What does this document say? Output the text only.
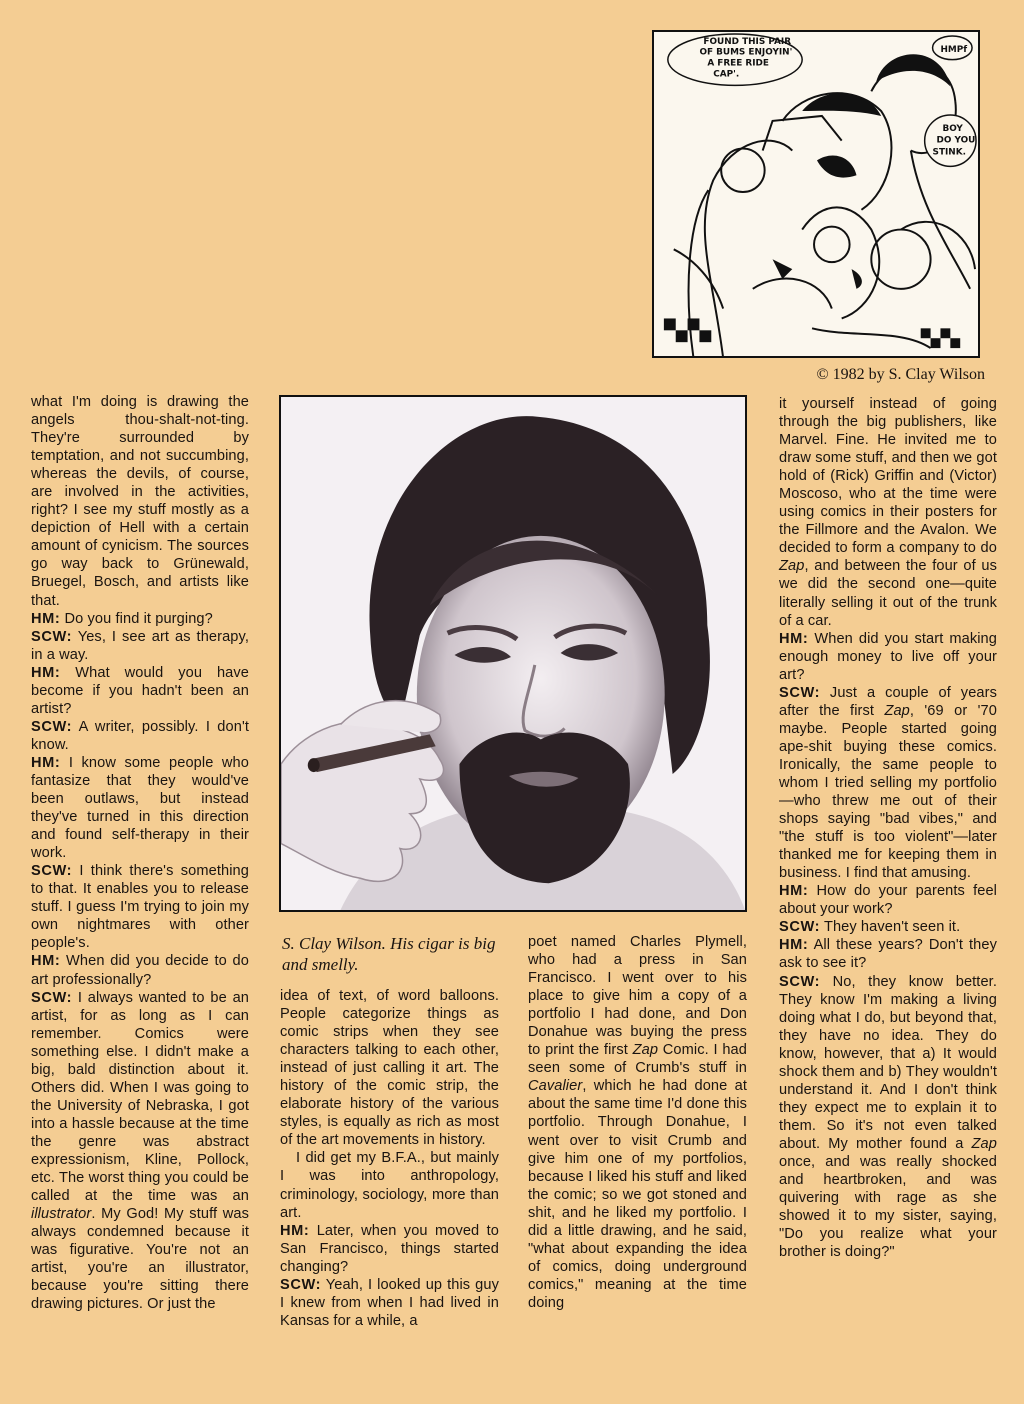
FOUND THIS PAIR
OF BUMS ENJOYIN'
A FREE RIDE
CAP'.
HMPf
BOY
DO YOU
STINK.
© 1982 by S. Clay Wilson

what I'm doing is drawing the angels thou-shalt-not-ting. They're surrounded by temptation, and not succumbing, whereas the devils, of course, are involved in the activities, right? I see my stuff mostly as a depiction of Hell with a certain amount of cynicism. The sources go way back to Grünewald, Bruegel, Bosch, and artists like that.

HM: Do you find it purging?

SCW: Yes, I see art as therapy, in a way.

HM: What would you have become if you hadn't been an artist?

SCW: A writer, possibly. I don't know.

HM: I know some people who fantasize that they would've been outlaws, but instead they've turned in this direction and found self-therapy in their work.

SCW: I think there's something to that. It enables you to release stuff. I guess I'm trying to join my own nightmares with other people's.

HM: When did you decide to do art professionally?

SCW: I always wanted to be an artist, for as long as I can remember. Comics were something else. I didn't make a big, bald distinction about it. Others did. When I was going to the University of Nebraska, I got into a hassle because at the time the genre was abstract expressionism, Kline, Pollock, etc. The worst thing you could be called at the time was an illustrator. My God! My stuff was always condemned because it was figurative. You're not an artist, you're an illustrator, because you're sitting there drawing pictures. Or just the

S. Clay Wilson. His cigar is big and smelly.

idea of text, of word balloons. People categorize things as comic strips when they see characters talking to each other, instead of just calling it art. The history of the comic strip, the elaborate history of the various styles, is equally as rich as most of the art movements in history.

I did get my B.F.A., but mainly I was into anthropology, criminology, sociology, more than art.

HM: Later, when you moved to San Francisco, things started changing?

SCW: Yeah, I looked up this guy I knew from when I had lived in Kansas for a while, a

poet named Charles Plymell, who had a press in San Francisco. I went over to his place to give him a copy of a portfolio I had done, and Don Donahue was buying the press to print the first Zap Comic. I had seen some of Crumb's stuff in Cavalier, which he had done at about the same time I'd done this portfolio. Through Donahue, I went over to visit Crumb and give him one of my portfolios, because I liked his stuff and liked the comic; so we got stoned and shit, and he liked my portfolio. I did a little drawing, and he said, "what about expanding the idea of comics, doing underground comics," meaning at the time doing

it yourself instead of going through the big publishers, like Marvel. Fine. He invited me to draw some stuff, and then we got hold of (Rick) Griffin and (Victor) Moscoso, who at the time were using comics in their posters for the Fillmore and the Avalon. We decided to form a company to do Zap, and between the four of us we did the second one—quite literally selling it out of the trunk of a car.

HM: When did you start making enough money to live off your art?

SCW: Just a couple of years after the first Zap, '69 or '70 maybe. People started going ape-shit buying these comics. Ironically, the same people to whom I tried selling my portfolio—who threw me out of their shops saying "bad vibes," and "the stuff is too violent"—later thanked me for keeping them in business. I find that amusing.

HM: How do your parents feel about your work?

SCW: They haven't seen it.

HM: All these years? Don't they ask to see it?

SCW: No, they know better. They know I'm making a living doing what I do, but beyond that, they have no idea. They do know, however, that a) It would shock them and b) They wouldn't understand it. And I don't think they expect me to explain it to them. So it's not even talked about. My mother found a Zap once, and was really shocked and heartbroken, and was quivering with rage as she showed it to my sister, saying, "Do you realize what your brother is doing?"
